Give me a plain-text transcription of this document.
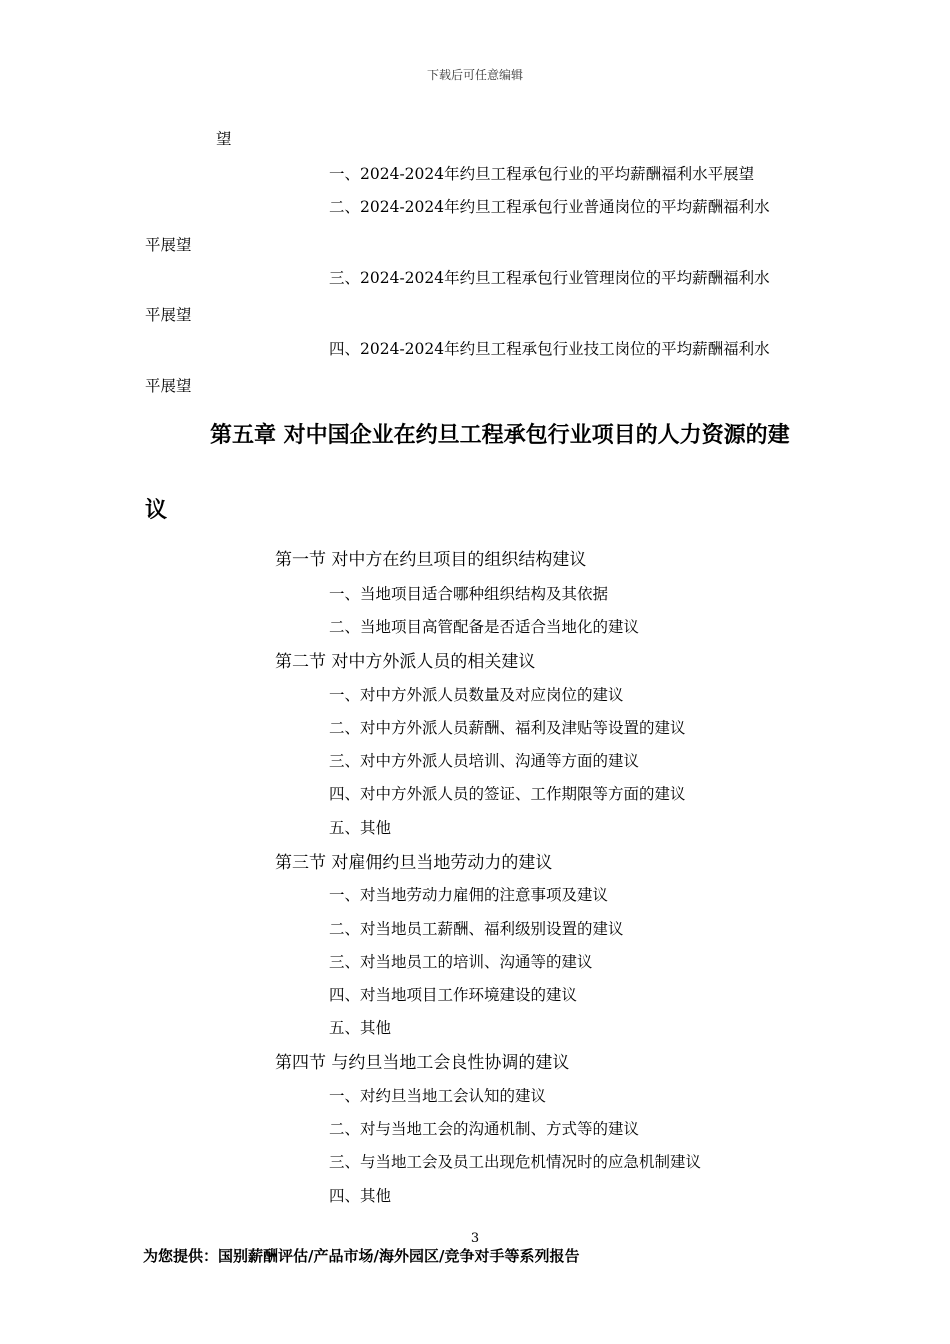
下载后可任意编辑
望
一、2024-2024年约旦工程承包行业的平均薪酬福利水平展望
二、2024-2024年约旦工程承包行业普通岗位的平均薪酬福利水
平展望
三、2024-2024年约旦工程承包行业管理岗位的平均薪酬福利水
平展望
四、2024-2024年约旦工程承包行业技工岗位的平均薪酬福利水
平展望
第五章 对中国企业在约旦工程承包行业项目的人力资源的建
议
第一节 对中方在约旦项目的组织结构建议
一、当地项目适合哪种组织结构及其依据
二、当地项目高管配备是否适合当地化的建议
第二节 对中方外派人员的相关建议
一、对中方外派人员数量及对应岗位的建议
二、对中方外派人员薪酬、福利及津贴等设置的建议
三、对中方外派人员培训、沟通等方面的建议
四、对中方外派人员的签证、工作期限等方面的建议
五、其他
第三节 对雇佣约旦当地劳动力的建议
一、对当地劳动力雇佣的注意事项及建议
二、对当地员工薪酬、福利级别设置的建议
三、对当地员工的培训、沟通等的建议
四、对当地项目工作环境建设的建议
五、其他
第四节 与约旦当地工会良性协调的建议
一、对约旦当地工会认知的建议
二、对与当地工会的沟通机制、方式等的建议
三、与当地工会及员工出现危机情况时的应急机制建议
四、其他
3
为您提供：国别薪酬评估/产品市场/海外园区/竞争对手等系列报告
